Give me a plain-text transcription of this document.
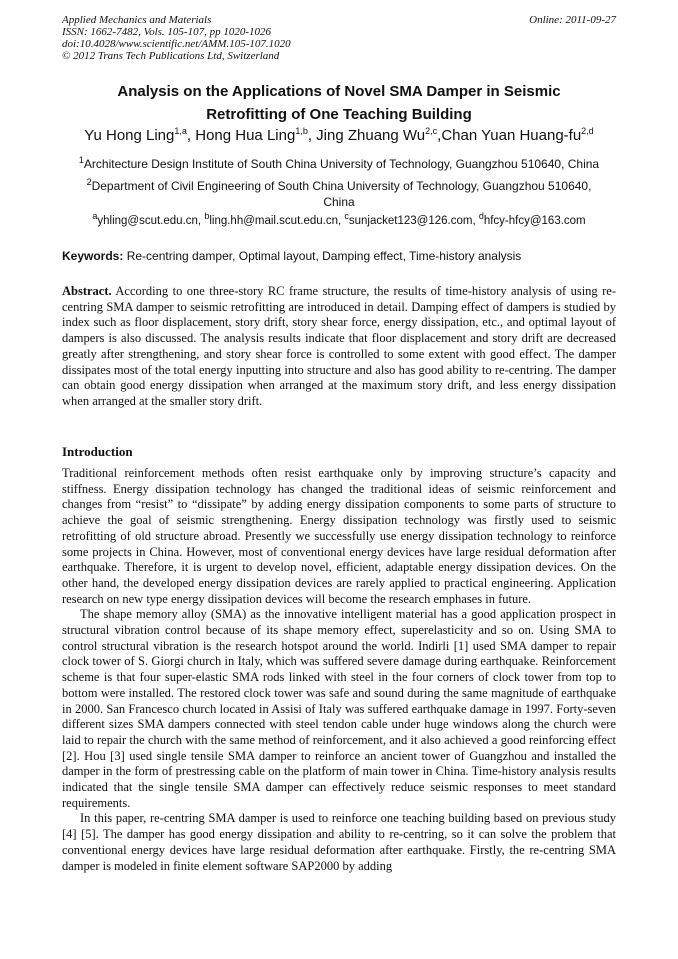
Applied Mechanics and Materials
ISSN: 1662-7482, Vols. 105-107, pp 1020-1026
doi:10.4028/www.scientific.net/AMM.105-107.1020
© 2012 Trans Tech Publications Ltd, Switzerland
Online: 2011-09-27
Analysis on the Applications of Novel SMA Damper in Seismic
Retrofitting of One Teaching Building
Yu Hong Ling$^{1,a}$, Hong Hua Ling$^{1,b}$, Jing Zhuang Wu$^{2,c}$,Chan Yuan Huang-fu$^{2,d}$
$^1$Architecture Design Institute of South China University of Technology, Guangzhou 510640, China
$^2$Department of Civil Engineering of South China University of Technology, Guangzhou 510640, China
$^a$yhling@scut.edu.cn, $^b$ling.hh@mail.scut.edu.cn, $^c$sunjacket123@126.com, $^d$hfcy-hfcy@163.com
Keywords: Re-centring damper, Optimal layout, Damping effect, Time-history analysis
Abstract. According to one three-story RC frame structure, the results of time-history analysis of using re-centring SMA damper to seismic retrofitting are introduced in detail. Damping effect of dampers is studied by index such as floor displacement, story drift, story shear force, energy dissipation, etc., and optimal layout of dampers is also discussed. The analysis results indicate that floor displacement and story drift are decreased greatly after strengthening, and story shear force is controlled to some extent with good effect. The damper dissipates most of the total energy inputting into structure and also has good ability to re-centring. The damper can obtain good energy dissipation when arranged at the maximum story drift, and less energy dissipation when arranged at the smaller story drift.
Introduction

Traditional reinforcement methods often resist earthquake only by improving structure’s capacity and stiffness. Energy dissipation technology has changed the traditional ideas of seismic reinforcement and changes from “resist” to “dissipate” by adding energy dissipation components to some parts of structure to achieve the goal of seismic strengthening. Energy dissipation technology was firstly used to seismic retrofitting of old structure abroad. Presently we successfully use energy dissipation technology to reinforce some projects in China. However, most of conventional energy devices have large residual deformation after earthquake. Therefore, it is urgent to develop novel, efficient, adaptable energy dissipation devices. On the other hand, the developed energy dissipation devices are rarely applied to practical engineering. Application research on new type energy dissipation devices will become the research emphases in future.

The shape memory alloy (SMA) as the innovative intelligent material has a good application prospect in structural vibration control because of its shape memory effect, superelasticity and so on. Using SMA to control structural vibration is the research hotspot around the world. Indirli [1] used SMA damper to repair clock tower of S. Giorgi church in Italy, which was suffered severe damage during earthquake. Reinforcement scheme is that four super-elastic SMA rods linked with steel in the four corners of clock tower from top to bottom were installed. The restored clock tower was safe and sound during the same magnitude of earthquake in 2000. San Francesco church located in Assisi of Italy was suffered earthquake damage in 1997. Forty-seven different sizes SMA dampers connected with steel tendon cable under huge windows along the church were laid to repair the church with the same method of reinforcement, and it also achieved a good reinforcing effect [2]. Hou [3] used single tensile SMA damper to reinforce an ancient tower of Guangzhou and installed the damper in the form of prestressing cable on the platform of main tower in China. Time-history analysis results indicated that the single tensile SMA damper can effectively reduce seismic responses to meet standard requirements.

In this paper, re-centring SMA damper is used to reinforce one teaching building based on previous study [4] [5]. The damper has good energy dissipation and ability to re-centring, so it can solve the problem that conventional energy devices have large residual deformation after earthquake. Firstly, the re-centring SMA damper is modeled in finite element software SAP2000 by adding
